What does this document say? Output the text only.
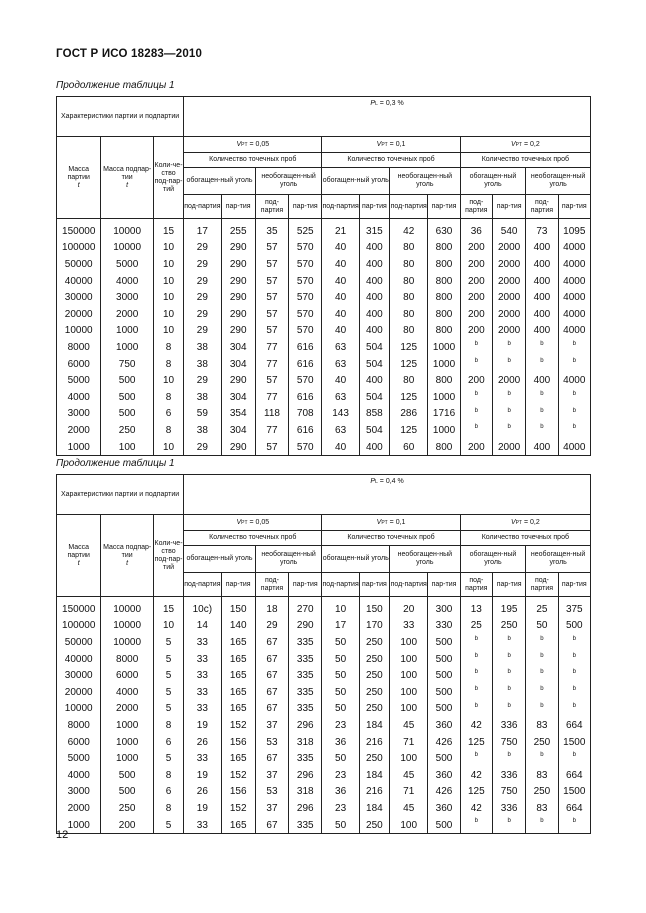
ГОСТ Р ИСО 18283—2010
Продолжение таблицы 1
Характеристики партии и подпартии			PL = 0,3 %											
Масса партии
t	Масса подпар-тии
t	Коли-че-ство под-пар-тий	VPT = 0,05				VPT = 0,1				VPT = 0,2			
			Количество точечных проб				Количество точечных проб				Количество точечных проб			
			обогащен-ный уголь		необогащен-ный уголь		обогащен-ный уголь		необогащен-ный уголь		обогащен-ный уголь		необогащен-ный уголь	
			под-партия	пар-тия	под-партия	пар-тия	под-партия	пар-тия	под-партия	пар-тия	под-партия	пар-тия	под-партия	пар-тия
150000	10000	15	17	255	35	525	21	315	42	630	36	540	73	1095
100000	10000	10	29	290	57	570	40	400	80	800	200	2000	400	4000
50000	5000	10	29	290	57	570	40	400	80	800	200	2000	400	4000
40000	4000	10	29	290	57	570	40	400	80	800	200	2000	400	4000
30000	3000	10	29	290	57	570	40	400	80	800	200	2000	400	4000
20000	2000	10	29	290	57	570	40	400	80	800	200	2000	400	4000
10000	1000	10	29	290	57	570	40	400	80	800	200	2000	400	4000
8000	1000	8	38	304	77	616	63	504	125	1000	b	b	b	b
6000	750	8	38	304	77	616	63	504	125	1000	b	b	b	b
5000	500	10	29	290	57	570	40	400	80	800	200	2000	400	4000
4000	500	8	38	304	77	616	63	504	125	1000	b	b	b	b
3000	500	6	59	354	118	708	143	858	286	1716	b	b	b	b
2000	250	8	38	304	77	616	63	504	125	1000	b	b	b	b
1000	100	10	29	290	57	570	40	400	60	800	200	2000	400	4000
Продолжение таблицы 1
Характеристики партии и подпартии			PL = 0,4 %											
Масса партии
t	Масса подпар-тии
t	Коли-че-ство под-пар-тий	VPT = 0,05				VPT = 0,1				VPT = 0,2			
			Количество точечных проб				Количество точечных проб				Количество точечных проб			
			обогащен-ный уголь		необогащен-ный уголь		обогащен-ный уголь		необогащен-ный уголь		обогащен-ный уголь		необогащен-ный уголь	
			под-партия	пар-тия	под-партия	пар-тия	под-партия	пар-тия	под-партия	пар-тия	под-партия	пар-тия	под-партия	пар-тия
150000	10000	15	10c)	150	18	270	10	150	20	300	13	195	25	375
100000	10000	10	14	140	29	290	17	170	33	330	25	250	50	500
50000	10000	5	33	165	67	335	50	250	100	500	b	b	b	b
40000	8000	5	33	165	67	335	50	250	100	500	b	b	b	b
30000	6000	5	33	165	67	335	50	250	100	500	b	b	b	b
20000	4000	5	33	165	67	335	50	250	100	500	b	b	b	b
10000	2000	5	33	165	67	335	50	250	100	500	b	b	b	b
8000	1000	8	19	152	37	296	23	184	45	360	42	336	83	664
6000	1000	6	26	156	53	318	36	216	71	426	125	750	250	1500
5000	1000	5	33	165	67	335	50	250	100	500	b	b	b	b
4000	500	8	19	152	37	296	23	184	45	360	42	336	83	664
3000	500	6	26	156	53	318	36	216	71	426	125	750	250	1500
2000	250	8	19	152	37	296	23	184	45	360	42	336	83	664
1000	200	5	33	165	67	335	50	250	100	500	b	b	b	b
12
